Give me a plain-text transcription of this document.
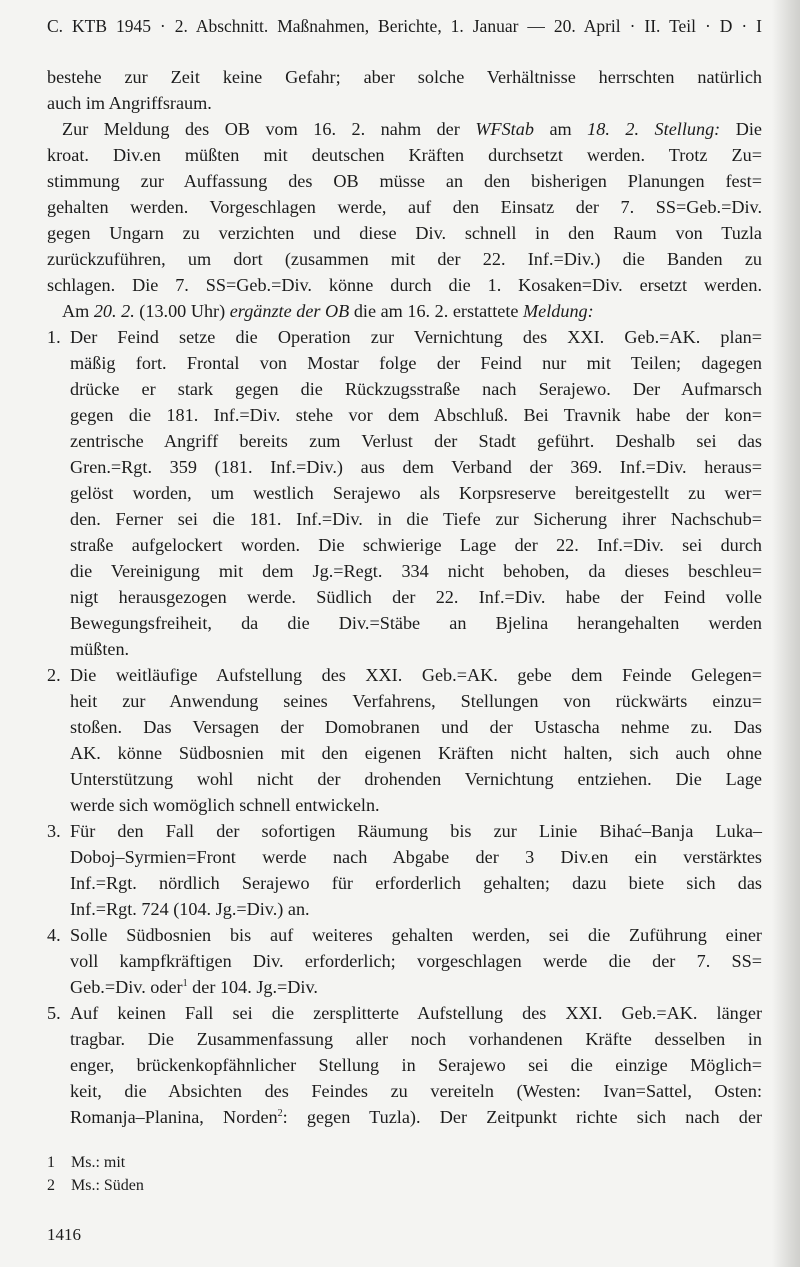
C. KTB 1945 · 2. Abschnitt. Maßnahmen, Berichte, 1. Januar — 20. April · II. Teil · D · I
bestehe zur Zeit keine Gefahr; aber solche Verhältnisse herrschten natürlich
auch im Angriffsraum.
Zur Meldung des OB vom 16. 2. nahm der WFStab am 18. 2. Stellung: Die
kroat. Div.en müßten mit deutschen Kräften durchsetzt werden. Trotz Zu=
stimmung zur Auffassung des OB müsse an den bisherigen Planungen fest=
gehalten werden. Vorgeschlagen werde, auf den Einsatz der 7. SS=Geb.=Div.
gegen Ungarn zu verzichten und diese Div. schnell in den Raum von Tuzla
zurückzuführen, um dort (zusammen mit der 22. Inf.=Div.) die Banden zu
schlagen. Die 7. SS=Geb.=Div. könne durch die 1. Kosaken=Div. ersetzt werden.
Am 20. 2. (13.00 Uhr) ergänzte der OB die am 16. 2. erstattete Meldung:
1. Der Feind setze die Operation zur Vernichtung des XXI. Geb.=AK. plan=
mäßig fort. Frontal von Mostar folge der Feind nur mit Teilen; dagegen
drücke er stark gegen die Rückzugsstraße nach Serajewo. Der Aufmarsch
gegen die 181. Inf.=Div. stehe vor dem Abschluß. Bei Travnik habe der kon=
zentrische Angriff bereits zum Verlust der Stadt geführt. Deshalb sei das
Gren.=Rgt. 359 (181. Inf.=Div.) aus dem Verband der 369. Inf.=Div. heraus=
gelöst worden, um westlich Serajewo als Korpsreserve bereitgestellt zu wer=
den. Ferner sei die 181. Inf.=Div. in die Tiefe zur Sicherung ihrer Nachschub=
straße aufgelockert worden. Die schwierige Lage der 22. Inf.=Div. sei durch
die Vereinigung mit dem Jg.=Regt. 334 nicht behoben, da dieses beschleu=
nigt herausgezogen werde. Südlich der 22. Inf.=Div. habe der Feind volle
Bewegungsfreiheit, da die Div.=Stäbe an Bjelina herangehalten werden
müßten.
2. Die weitläufige Aufstellung des XXI. Geb.=AK. gebe dem Feinde Gelegen=
heit zur Anwendung seines Verfahrens, Stellungen von rückwärts einzu=
stoßen. Das Versagen der Domobranen und der Ustascha nehme zu. Das
AK. könne Südbosnien mit den eigenen Kräften nicht halten, sich auch ohne
Unterstützung wohl nicht der drohenden Vernichtung entziehen. Die Lage
werde sich womöglich schnell entwickeln.
3. Für den Fall der sofortigen Räumung bis zur Linie Bihać–Banja Luka–
Doboj–Syrmien=Front werde nach Abgabe der 3 Div.en ein verstärktes
Inf.=Rgt. nördlich Serajewo für erforderlich gehalten; dazu biete sich das
Inf.=Rgt. 724 (104. Jg.=Div.) an.
4. Solle Südbosnien bis auf weiteres gehalten werden, sei die Zuführung einer
voll kampfkräftigen Div. erforderlich; vorgeschlagen werde die der 7. SS=
Geb.=Div. oder$^1$ der 104. Jg.=Div.
5. Auf keinen Fall sei die zersplitterte Aufstellung des XXI. Geb.=AK. länger
tragbar. Die Zusammenfassung aller noch vorhandenen Kräfte desselben in
enger, brückenkopfähnlicher Stellung in Serajewo sei die einzige Möglich=
keit, die Absichten des Feindes zu vereiteln (Westen: Ivan=Sattel, Osten:
Romanja–Planina, Norden$^2$: gegen Tuzla). Der Zeitpunkt richte sich nach der
1 Ms.: mit
2 Ms.: Süden
1416
